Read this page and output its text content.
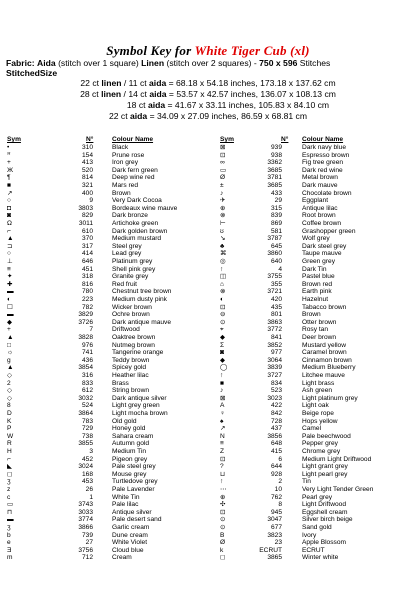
Symbol Key for White Tiger Cub (xl)
Fabric: Aida (stitch over 1 square) Linen (stitch over 2 squares) - 750 x 596 Stitches
StitchedSize
22 ct linen / 11 ct aida = 68.18 x 54.18 inches, 173.18 x 137.62 cm
28 ct linen / 14 ct aida = 53.57 x 42.57 inches, 136.07 x 108.13 cm
18 ct aida = 41.67 x 33.11 inches, 105.83 x 84.10 cm
22 ct aida = 34.09 x 27.09 inches, 86.59 x 68.81 cm
Sym	N°	Colour Name	Sym	N° Colour Name
•	310	Black
ꟸ	154	Prune rose
+	413	Iron grey
Ж	520	Dark fern green
¶	814	Deep wine red
■	321	Mars red
↗	400	Brown
○	9	Very Dark Cocoa
◘	3803	Bordeaux wine mauve
◙	829	Dark bronze
Ω	3011	Artichoke green
⌐	610	Dark golden brown
▲	370	Medium mustard
⊐	317	Steel grey
○	414	Lead grey
⊥	646	Platinum grey
≡	451	Shell pink grey
✦	318	Granite grey
✚	816	Red fruit
▬	780	Chestnut tree brown
◐	223	Medium dusty pink
☐	782	Wicker brown
▬	3829	Ochre brown
◆	3726	Dark antique mauve
+	7	Driftwood
▲	3828	Oaktree brown
□	976	Nutmeg brown
☼	741	Tangerine orange
g	436	Teddy brown
▲	3854	Spicey gold
◇	316	Heather lilac
2	833	Brass
◇	612	String brown
◇	3032	Dark antique silver
8	524	Light grey green
D	3864	Light mocha brown
K	783	Old gold
P	729	Honey gold
W	738	Sahara cream
R	3855	Autumn gold
H	3	Medium Tin
⌐	452	Pigeon grey
◣	3024	Pale steel grey
◻	168	Mouse grey
ʒ	453	Turtledove grey
z	26	Pale Lavender
ϲ	1	White Tin
▭	3743	Pale lilac
⊓	3033	Antique silver
▬	3774	Pale desert sand
ʒ	3866	Garlic cream
b	739	Dune cream
e	27	White Violet
Ǝ	3756	Cloud blue
m	712	Cream
⊠	939	Dark navy blue
⊡	938	Espresso brown
∞	3362	Fig tree green
▭	3685	Dark red wine
Ø	3781	Metal brown
±	3685	Dark mauve
♪	433	Chocolate brown
✈	29	Eggplant
⊕	315	Antique lilac
⊗	839	Root brown
⊢	869	Coffee brown
ʊ	581	Grashopper green
↘	3787	Wolf grey
♣	645	Dark steel grey
⌘	3860	Taupe mauve
◎	640	Green grey
↑	4	Dark Tin
◫	3755	Pastel blue
⌂	355	Brown red
⊗	3721	Earth pink
◐	420	Hazelnut
⊡	435	Tabacco brown
⊖	801	Brown
⊙	3863	Otter brown
⌖	3772	Rosy tan
◆	841	Deer brown
Σ	3852	Mustard yellow
◙	977	Caramel brown
◆	3064	Cinnamon brown
◯	3839	Medium Blueberry
↑	3727	Litchee mauve
■	834	Light brass
♪	523	Ash green
⊠	3023	Light platinum grey
A	422	Light oak
♀	842	Beige rope
♠	728	Hops yellow
↗	437	Camel
N	3856	Pale beechwood
≡	648	Pepper grey
Z	415	Chrome grey
⊡	6	Medium Light Driftwood
?	644	Light grant grey
⊔	928	Light pearl grey
↑	2	Tin
⋯	10	Very Light Tender Green
⊕	762	Pearl grey
✣	8	Light Driftwood
⊡	945	Eggshell cream
⊙	3047	Silver birch beige
⊙	677	Sand gold
B	3823	Ivory
Ø	23	Apple Blossom
k	ECRUT	ECRUT
◻	3865	Winter white
